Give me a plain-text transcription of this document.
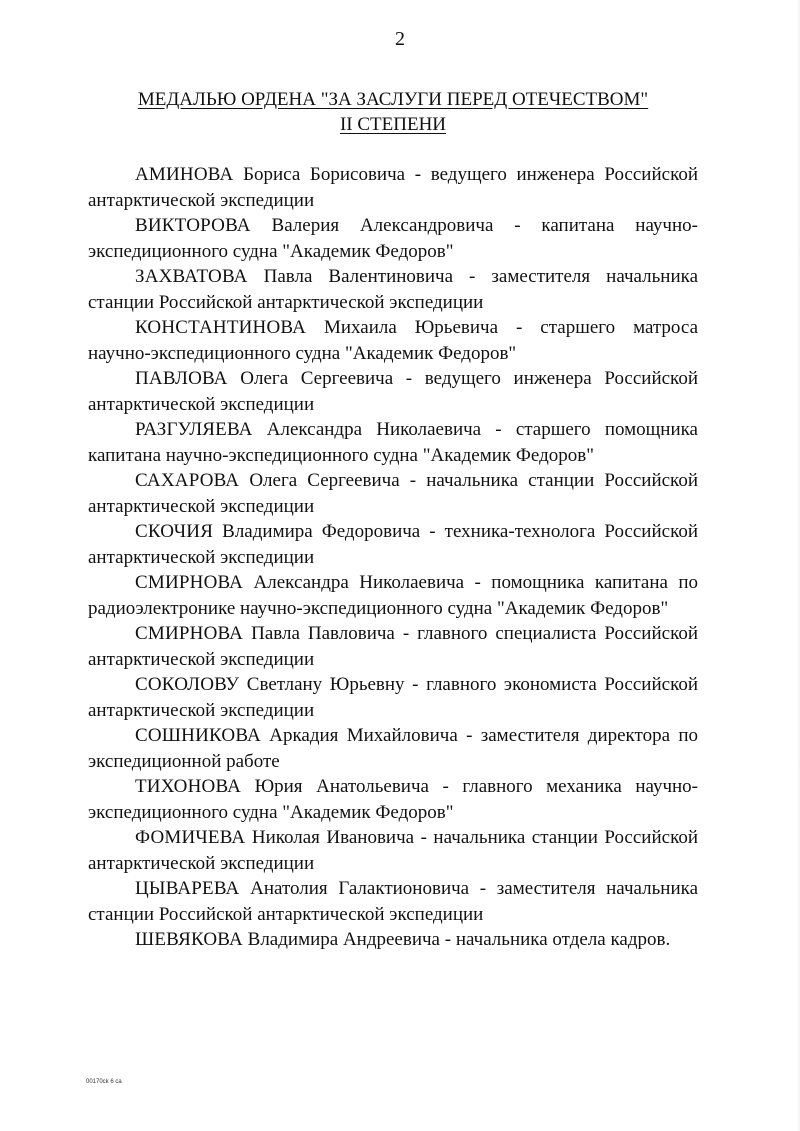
2
МЕДАЛЬЮ ОРДЕНА "ЗА ЗАСЛУГИ ПЕРЕД ОТЕЧЕСТВОМ"
II СТЕПЕНИ

АМИНОВА Бориса Борисовича - ведущего инженера Российской антарктической экспедиции

ВИКТОРОВА Валерия Александровича - капитана научно-экспедиционного судна "Академик Федоров"

ЗАХВАТОВА Павла Валентиновича - заместителя начальника станции Российской антарктической экспедиции

КОНСТАНТИНОВА Михаила Юрьевича - старшего матроса научно-экспедиционного судна "Академик Федоров"

ПАВЛОВА Олега Сергеевича - ведущего инженера Российской антарктической экспедиции

РАЗГУЛЯЕВА Александра Николаевича - старшего помощника капитана научно-экспедиционного судна "Академик Федоров"

САХАРОВА Олега Сергеевича - начальника станции Российской антарктической экспедиции

СКОЧИЯ Владимира Федоровича - техника-технолога Российской антарктической экспедиции

СМИРНОВА Александра Николаевича - помощника капитана по радиоэлектронике научно-экспедиционного судна "Академик Федоров"

СМИРНОВА Павла Павловича - главного специалиста Российской антарктической экспедиции

СОКОЛОВУ Светлану Юрьевну - главного экономиста Российской антарктической экспедиции

СОШНИКОВА Аркадия Михайловича - заместителя директора по экспедиционной работе

ТИХОНОВА Юрия Анатольевича - главного механика научно-экспедиционного судна "Академик Федоров"

ФОМИЧЕВА Николая Ивановича - начальника станции Российской антарктической экспедиции

ЦЫВАРЕВА Анатолия Галактионовича - заместителя начальника станции Российской антарктической экспедиции

ШЕВЯКОВА Владимира Андреевича - начальника отдела кадров.

00170ck 6 ca
